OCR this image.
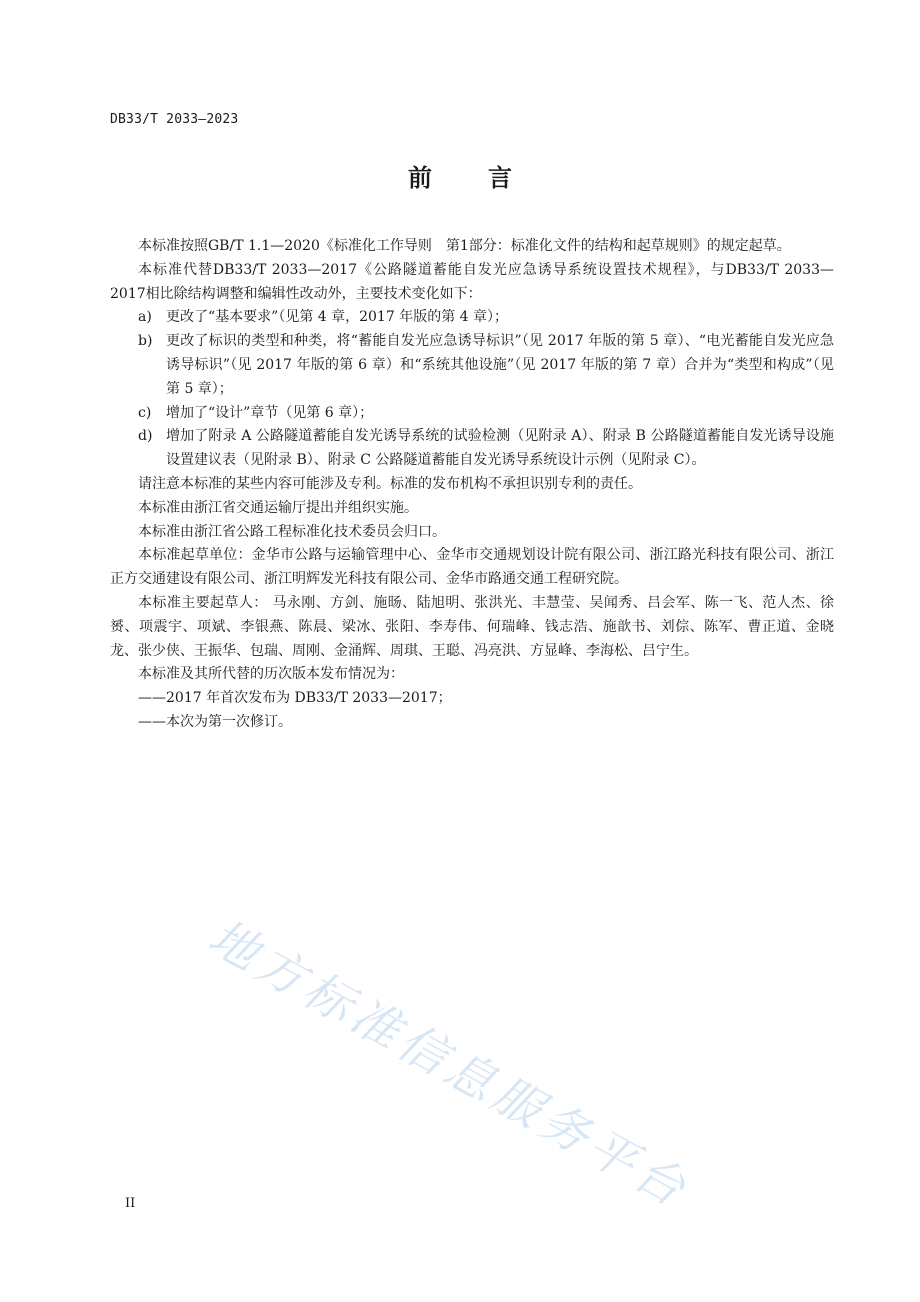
DB33/T 2033—2023
前言

本标准按照GB/T 1.1—2020《标准化工作导则　第1部分：标准化文件的结构和起草规则》的规定起草。

本标准代替DB33/T 2033—2017《公路隧道蓄能自发光应急诱导系统设置技术规程》，与DB33/T 2033—2017相比除结构调整和编辑性改动外，主要技术变化如下：

a) 更改了“基本要求”（见第 4 章，2017 年版的第 4 章）；

b) 更改了标识的类型和种类，将“蓄能自发光应急诱导标识”（见 2017 年版的第 5 章）、“电光蓄能自发光应急诱导标识”（见 2017 年版的第 6 章）和“系统其他设施”（见 2017 年版的第 7 章）合并为“类型和构成”（见第 5 章）；

c) 增加了“设计”章节（见第 6 章）；

d) 增加了附录 A 公路隧道蓄能自发光诱导系统的试验检测（见附录 A）、附录 B 公路隧道蓄能自发光诱导设施设置建议表（见附录 B）、附录 C 公路隧道蓄能自发光诱导系统设计示例（见附录 C）。

请注意本标准的某些内容可能涉及专利。标准的发布机构不承担识别专利的责任。

本标准由浙江省交通运输厅提出并组织实施。

本标准由浙江省公路工程标准化技术委员会归口。

本标准起草单位：金华市公路与运输管理中心、金华市交通规划设计院有限公司、浙江路光科技有限公司、浙江正方交通建设有限公司、浙江明辉发光科技有限公司、金华市路通交通工程研究院。

本标准主要起草人： 马永刚、方剑、施旸、陆旭明、张洪光、丰慧莹、吴闻秀、吕会军、陈一飞、范人杰、徐赟、项震宇、项斌、李银燕、陈晨、梁冰、张阳、李寿伟、何瑞峰、钱志浩、施歆书、刘倧、陈军、曹正道、金晓龙、张少侠、王振华、包瑞、周刚、金涌辉、周琪、王聪、冯亮洪、方显峰、李海松、吕宁生。

本标准及其所代替的历次版本发布情况为：

——2017 年首次发布为 DB33/T 2033—2017；

——本次为第一次修订。

地方标准信息服务平台
II
